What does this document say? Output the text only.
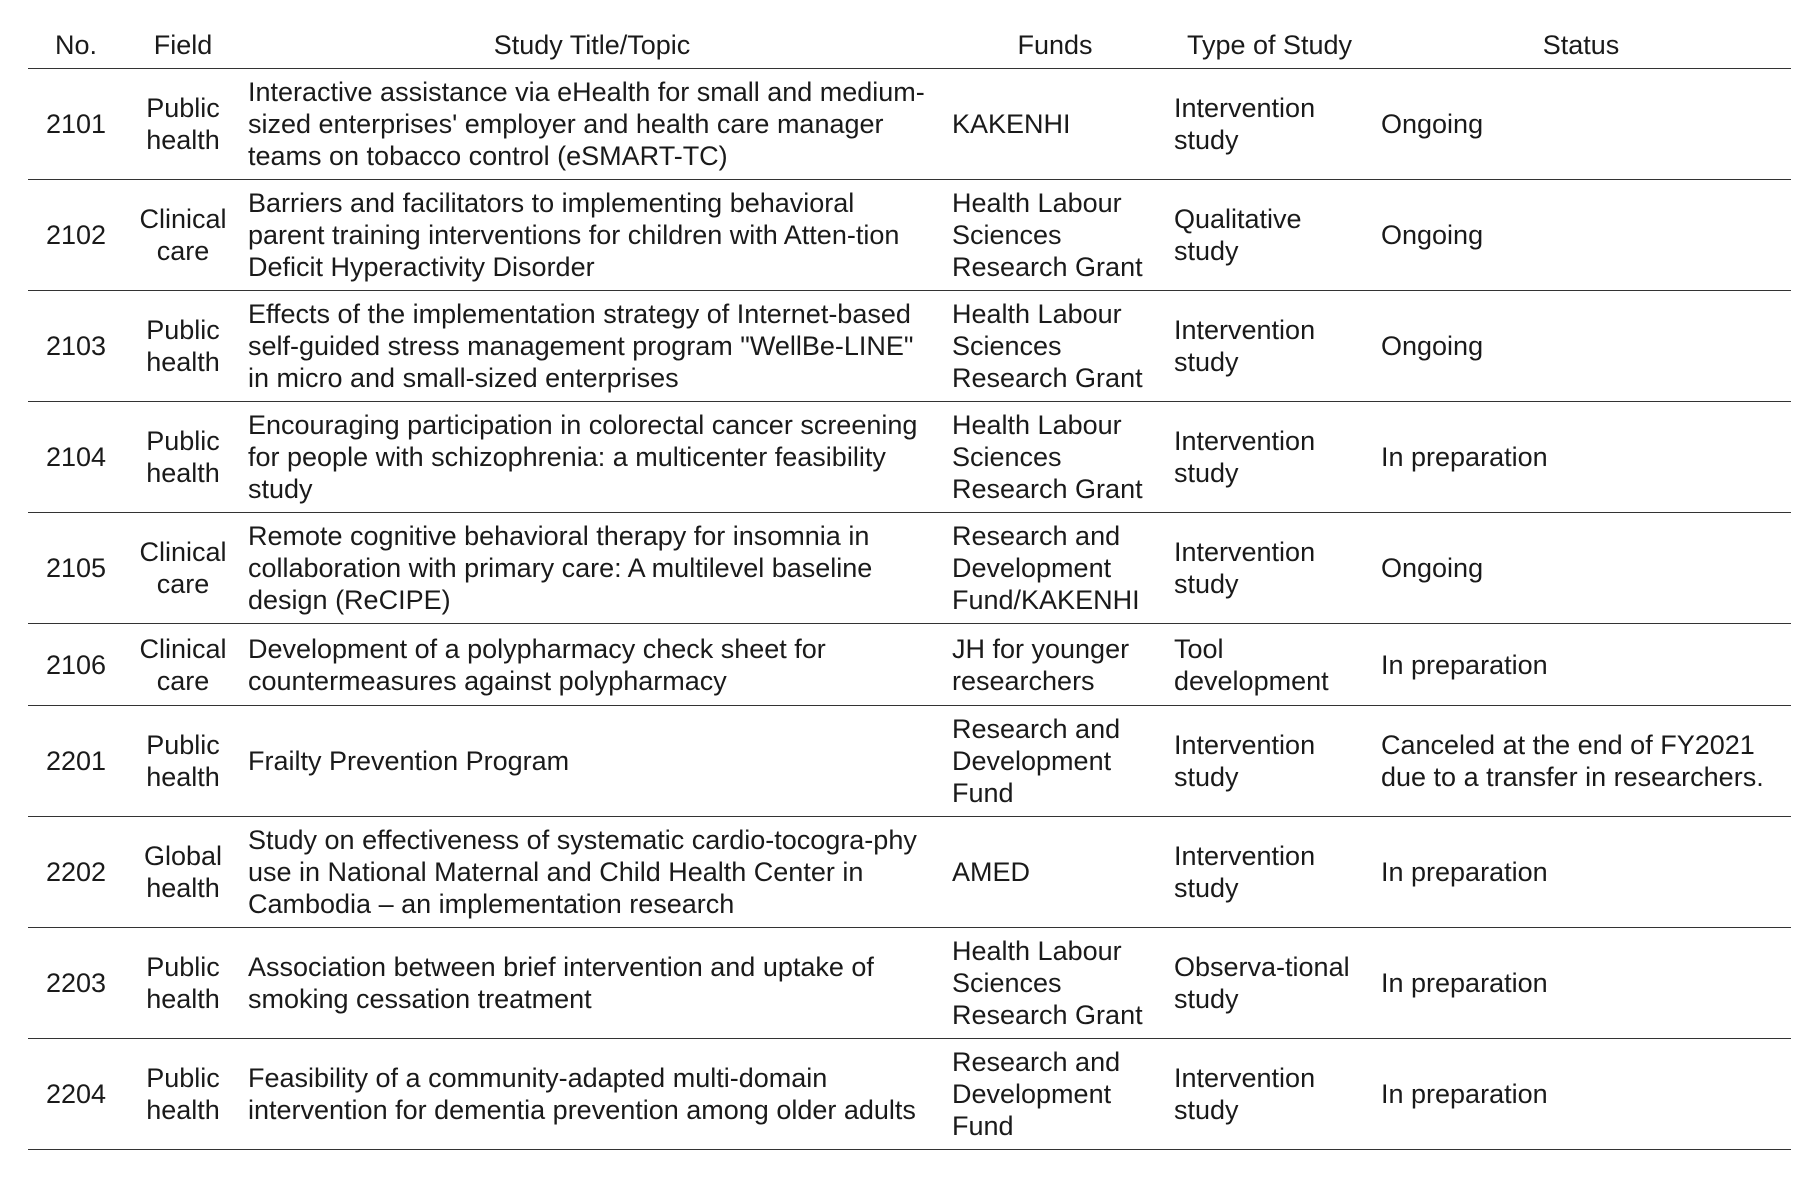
No.	Field	Study Title/Topic	Funds	Type of Study	Status
2101	Public health	Interactive assistance via eHealth for small and medium-sized enterprises' employer and health care manager teams on tobacco control (eSMART-TC)	KAKENHI	Intervention study	Ongoing
2102	Clinical care	Barriers and facilitators to implementing behavioral parent training interventions for children with Atten-tion Deficit Hyperactivity Disorder	Health Labour Sciences Research Grant	Qualitative study	Ongoing
2103	Public health	Effects of the implementation strategy of Internet-based self-guided stress management program "WellBe-LINE" in micro and small-sized enterprises	Health Labour Sciences Research Grant	Intervention study	Ongoing
2104	Public health	Encouraging participation in colorectal cancer screening for people with schizophrenia: a multicenter feasibility study	Health Labour Sciences Research Grant	Intervention study	In preparation
2105	Clinical care	Remote cognitive behavioral therapy for insomnia in collaboration with primary care: A multilevel baseline design (ReCIPE)	Research and Development Fund/KAKENHI	Intervention study	Ongoing
2106	Clinical care	Development of a polypharmacy check sheet for countermeasures against polypharmacy	JH for younger researchers	Tool development	In preparation
2201	Public health	Frailty Prevention Program	Research and Development Fund	Intervention study	Canceled at the end of FY2021 due to a transfer in researchers.
2202	Global health	Study on effectiveness of systematic cardio-tocogra-phy use in National Maternal and Child Health Center in Cambodia – an implementation research	AMED	Intervention study	In preparation
2203	Public health	Association between brief intervention and uptake of smoking cessation treatment	Health Labour Sciences Research Grant	Observa-tional study	In preparation
2204	Public health	Feasibility of a community-adapted multi-domain intervention for dementia prevention among older adults	Research and Development Fund	Intervention study	In preparation
